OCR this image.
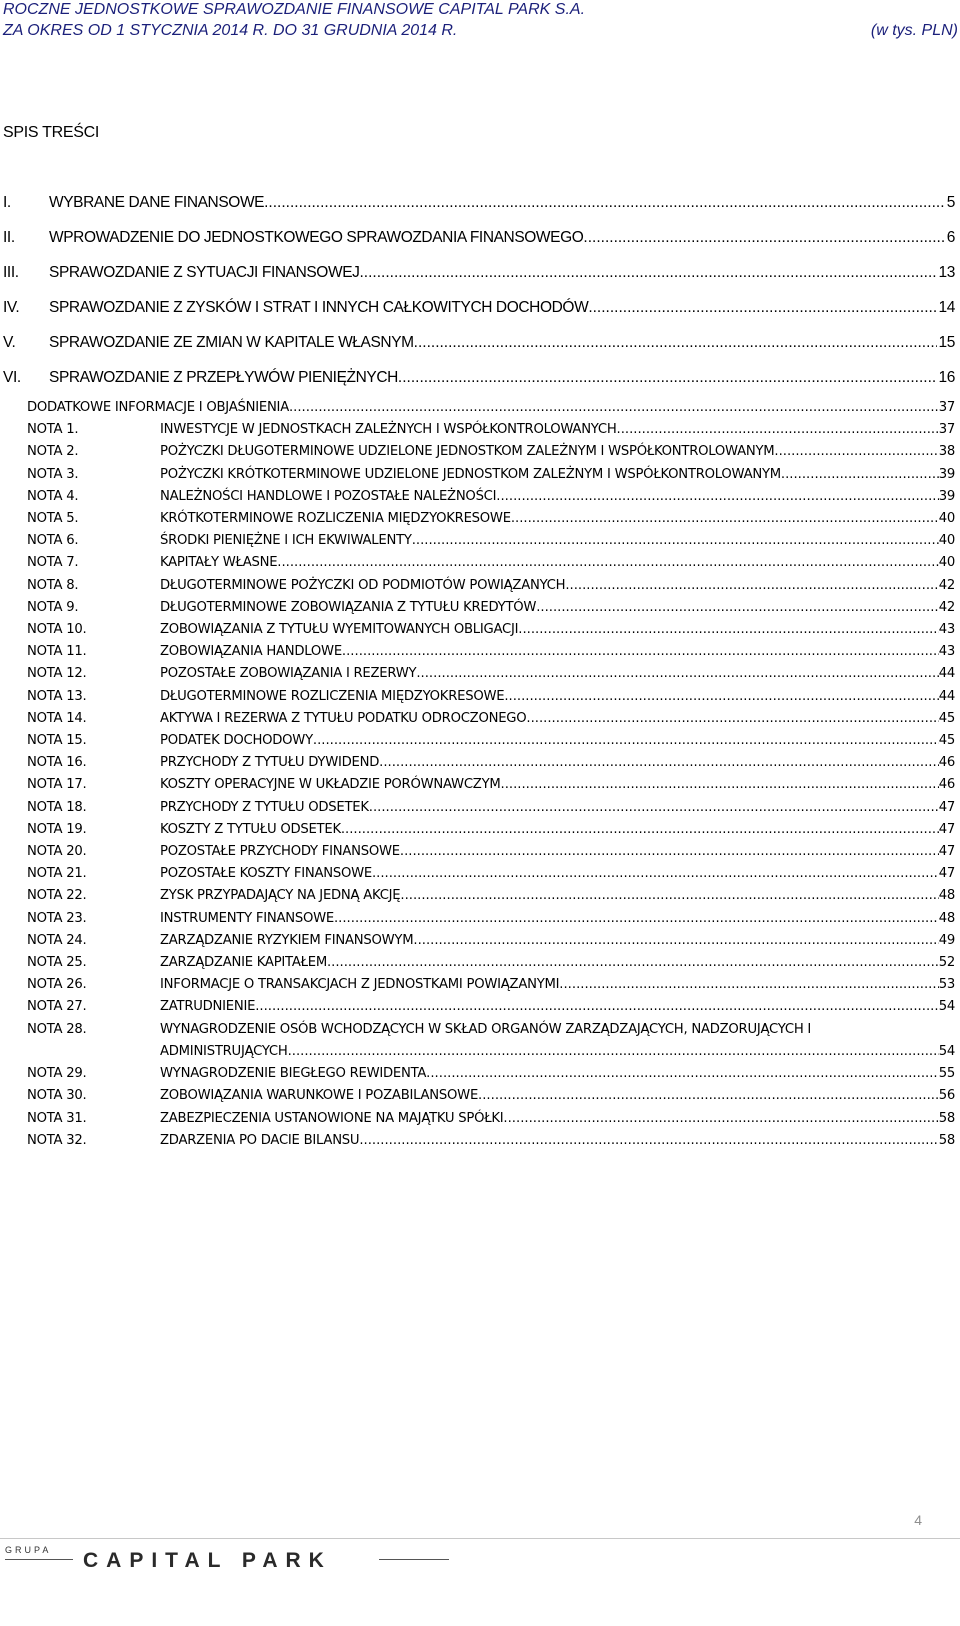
ROCZNE JEDNOSTKOWE SPRAWOZDANIE FINANSOWE CAPITAL PARK S.A.
ZA OKRES OD 1 STYCZNIA 2014 R. DO 31 GRUDNIA 2014 R.	(w tys. PLN)
SPIS TREŚCI
I.	WYBRANE DANE FINANSOWE .....	5
II.	WPROWADZENIE DO JEDNOSTKOWEGO SPRAWOZDANIA FINANSOWEGO .....	6
III.	SPRAWOZDANIE Z SYTUACJI FINANSOWEJ .....	13
IV.	SPRAWOZDANIE Z ZYSKÓW I STRAT I INNYCH CAŁKOWITYCH DOCHODÓW .....	14
V.	SPRAWOZDANIE ZE ZMIAN W KAPITALE WŁASNYM .....	15
VI.	SPRAWOZDANIE Z PRZEPŁYWÓW PIENIĘŻNYCH .....	16
DODATKOWE INFORMACJE I OBJAŚNIENIA .....	37
NOTA 1.	INWESTYCJE W JEDNOSTKACH ZALEŻNYCH I WSPÓŁKONTROLOWANYCH .....	37
NOTA 2.	POŻYCZKI DŁUGOTERMINOWE UDZIELONE JEDNOSTKOM ZALEŻNYM I WSPÓŁKONTROLOWANYM .....	38
NOTA 3.	POŻYCZKI KRÓTKOTERMINOWE UDZIELONE JEDNOSTKOM ZALEŻNYM I WSPÓŁKONTROLOWANYM .....	39
NOTA 4.	NALEŻNOŚCI HANDLOWE I POZOSTAŁE NALEŻNOŚCI .....	39
NOTA 5.	KRÓTKOTERMINOWE ROZLICZENIA MIĘDZYOKRESOWE .....	40
NOTA 6.	ŚRODKI PIENIĘŻNE I ICH EKWIWALENTY .....	40
NOTA 7.	KAPITAŁY WŁASNE .....	40
NOTA 8.	DŁUGOTERMINOWE POŻYCZKI OD PODMIOTÓW POWIĄZANYCH .....	42
NOTA 9.	DŁUGOTERMINOWE ZOBOWIĄZANIA Z TYTUŁU KREDYTÓW .....	42
NOTA 10.	ZOBOWIĄZANIA Z TYTUŁU WYEMITOWANYCH OBLIGACJI .....	43
NOTA 11.	ZOBOWIĄZANIA HANDLOWE .....	43
NOTA 12.	POZOSTAŁE ZOBOWIĄZANIA I REZERWY .....	44
NOTA 13.	DŁUGOTERMINOWE ROZLICZENIA MIĘDZYOKRESOWE .....	44
NOTA 14.	AKTYWA I REZERWA Z TYTUŁU PODATKU ODROCZONEGO .....	45
NOTA 15.	PODATEK DOCHODOWY .....	45
NOTA 16.	PRZYCHODY Z TYTUŁU DYWIDEND .....	46
NOTA 17.	KOSZTY OPERACYJNE W UKŁADZIE PORÓWNAWCZYM .....	46
NOTA 18.	PRZYCHODY Z TYTUŁU ODSETEK .....	47
NOTA 19.	KOSZTY Z TYTUŁU ODSETEK .....	47
NOTA 20.	POZOSTAŁE PRZYCHODY FINANSOWE .....	47
NOTA 21.	POZOSTAŁE KOSZTY FINANSOWE .....	47
NOTA 22.	ZYSK PRZYPADAJĄCY NA JEDNĄ AKCJĘ .....	48
NOTA 23.	INSTRUMENTY FINANSOWE .....	48
NOTA 24.	ZARZĄDZANIE RYZYKIEM FINANSOWYM .....	49
NOTA 25.	ZARZĄDZANIE KAPITAŁEM .....	52
NOTA 26.	INFORMACJE O TRANSAKCJACH Z JEDNOSTKAMI POWIĄZANYMI .....	53
NOTA 27.	ZATRUDNIENIE .....	54
NOTA 28.	WYNAGRODZENIE OSÓB WCHODZĄCYCH W SKŁAD ORGANÓW ZARZĄDZAJĄCYCH, NADZORUJĄCYCH I
ADMINISTRUJĄCYCH .....	54
NOTA 29.	WYNAGRODZENIE BIEGŁEGO REWIDENTA .....	55
NOTA 30.	ZOBOWIĄZANIA WARUNKOWE I POZABILANSOWE .....	56
NOTA 31.	ZABEZPIECZENIA USTANOWIONE NA MAJĄTKU SPÓŁKI .....	58
NOTA 32.	ZDARZENIA PO DACIE BILANSU .....	58
4
GRUPA CAPITAL PARK
